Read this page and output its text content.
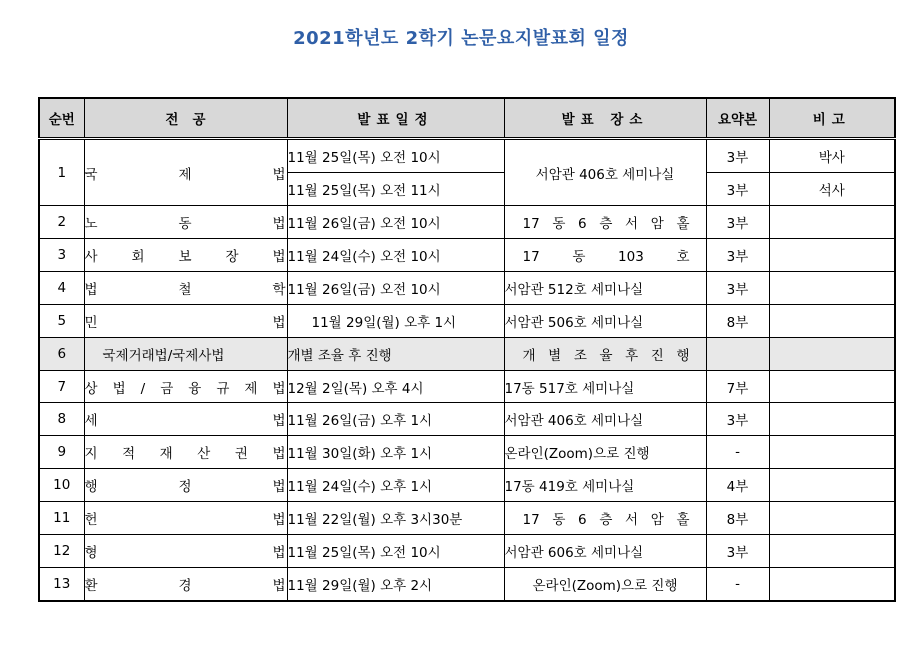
2021학년도 2학기 논문요지발표회 일정
순번	전   공	발표일정	발표 장소	요약본	비고
1	국 제 법	11월 25일(목) 오전 10시	서암관 406호 세미나실	3부	박사
		11월 25일(목) 오전 11시		3부	석사
2	노 동 법	11월 26일(금) 오전 10시	17 동 6 층 서 암 홀	3부	
3	사 회 보 장 법	11월 24일(수) 오전 10시	17 동 103 호	3부	
4	법 철 학	11월 26일(금) 오전 10시	서암관 512호 세미나실	3부	
5	민 법	11월 29일(월) 오후 1시	서암관 506호 세미나실	8부	
6	국제거래법/국제사법	개별 조율 후 진행	개 별 조 율 후 진 행		
7	상 법 / 금 융 규 제 법	12월 2일(목) 오후 4시	17동 517호 세미나실	7부	
8	세 법	11월 26일(금) 오후 1시	서암관 406호 세미나실	3부	
9	지 적 재 산 권 법	11월 30일(화) 오후 1시	온라인(Zoom)으로 진행	-	
10	행 정 법	11월 24일(수) 오후 1시	17동 419호 세미나실	4부	
11	헌 법	11월 22일(월) 오후 3시30분	17 동 6 층 서 암 홀	8부	
12	형 법	11월 25일(목) 오전 10시	서암관 606호 세미나실	3부	
13	환 경 법	11월 29일(월) 오후 2시	온라인(Zoom)으로 진행	-	
